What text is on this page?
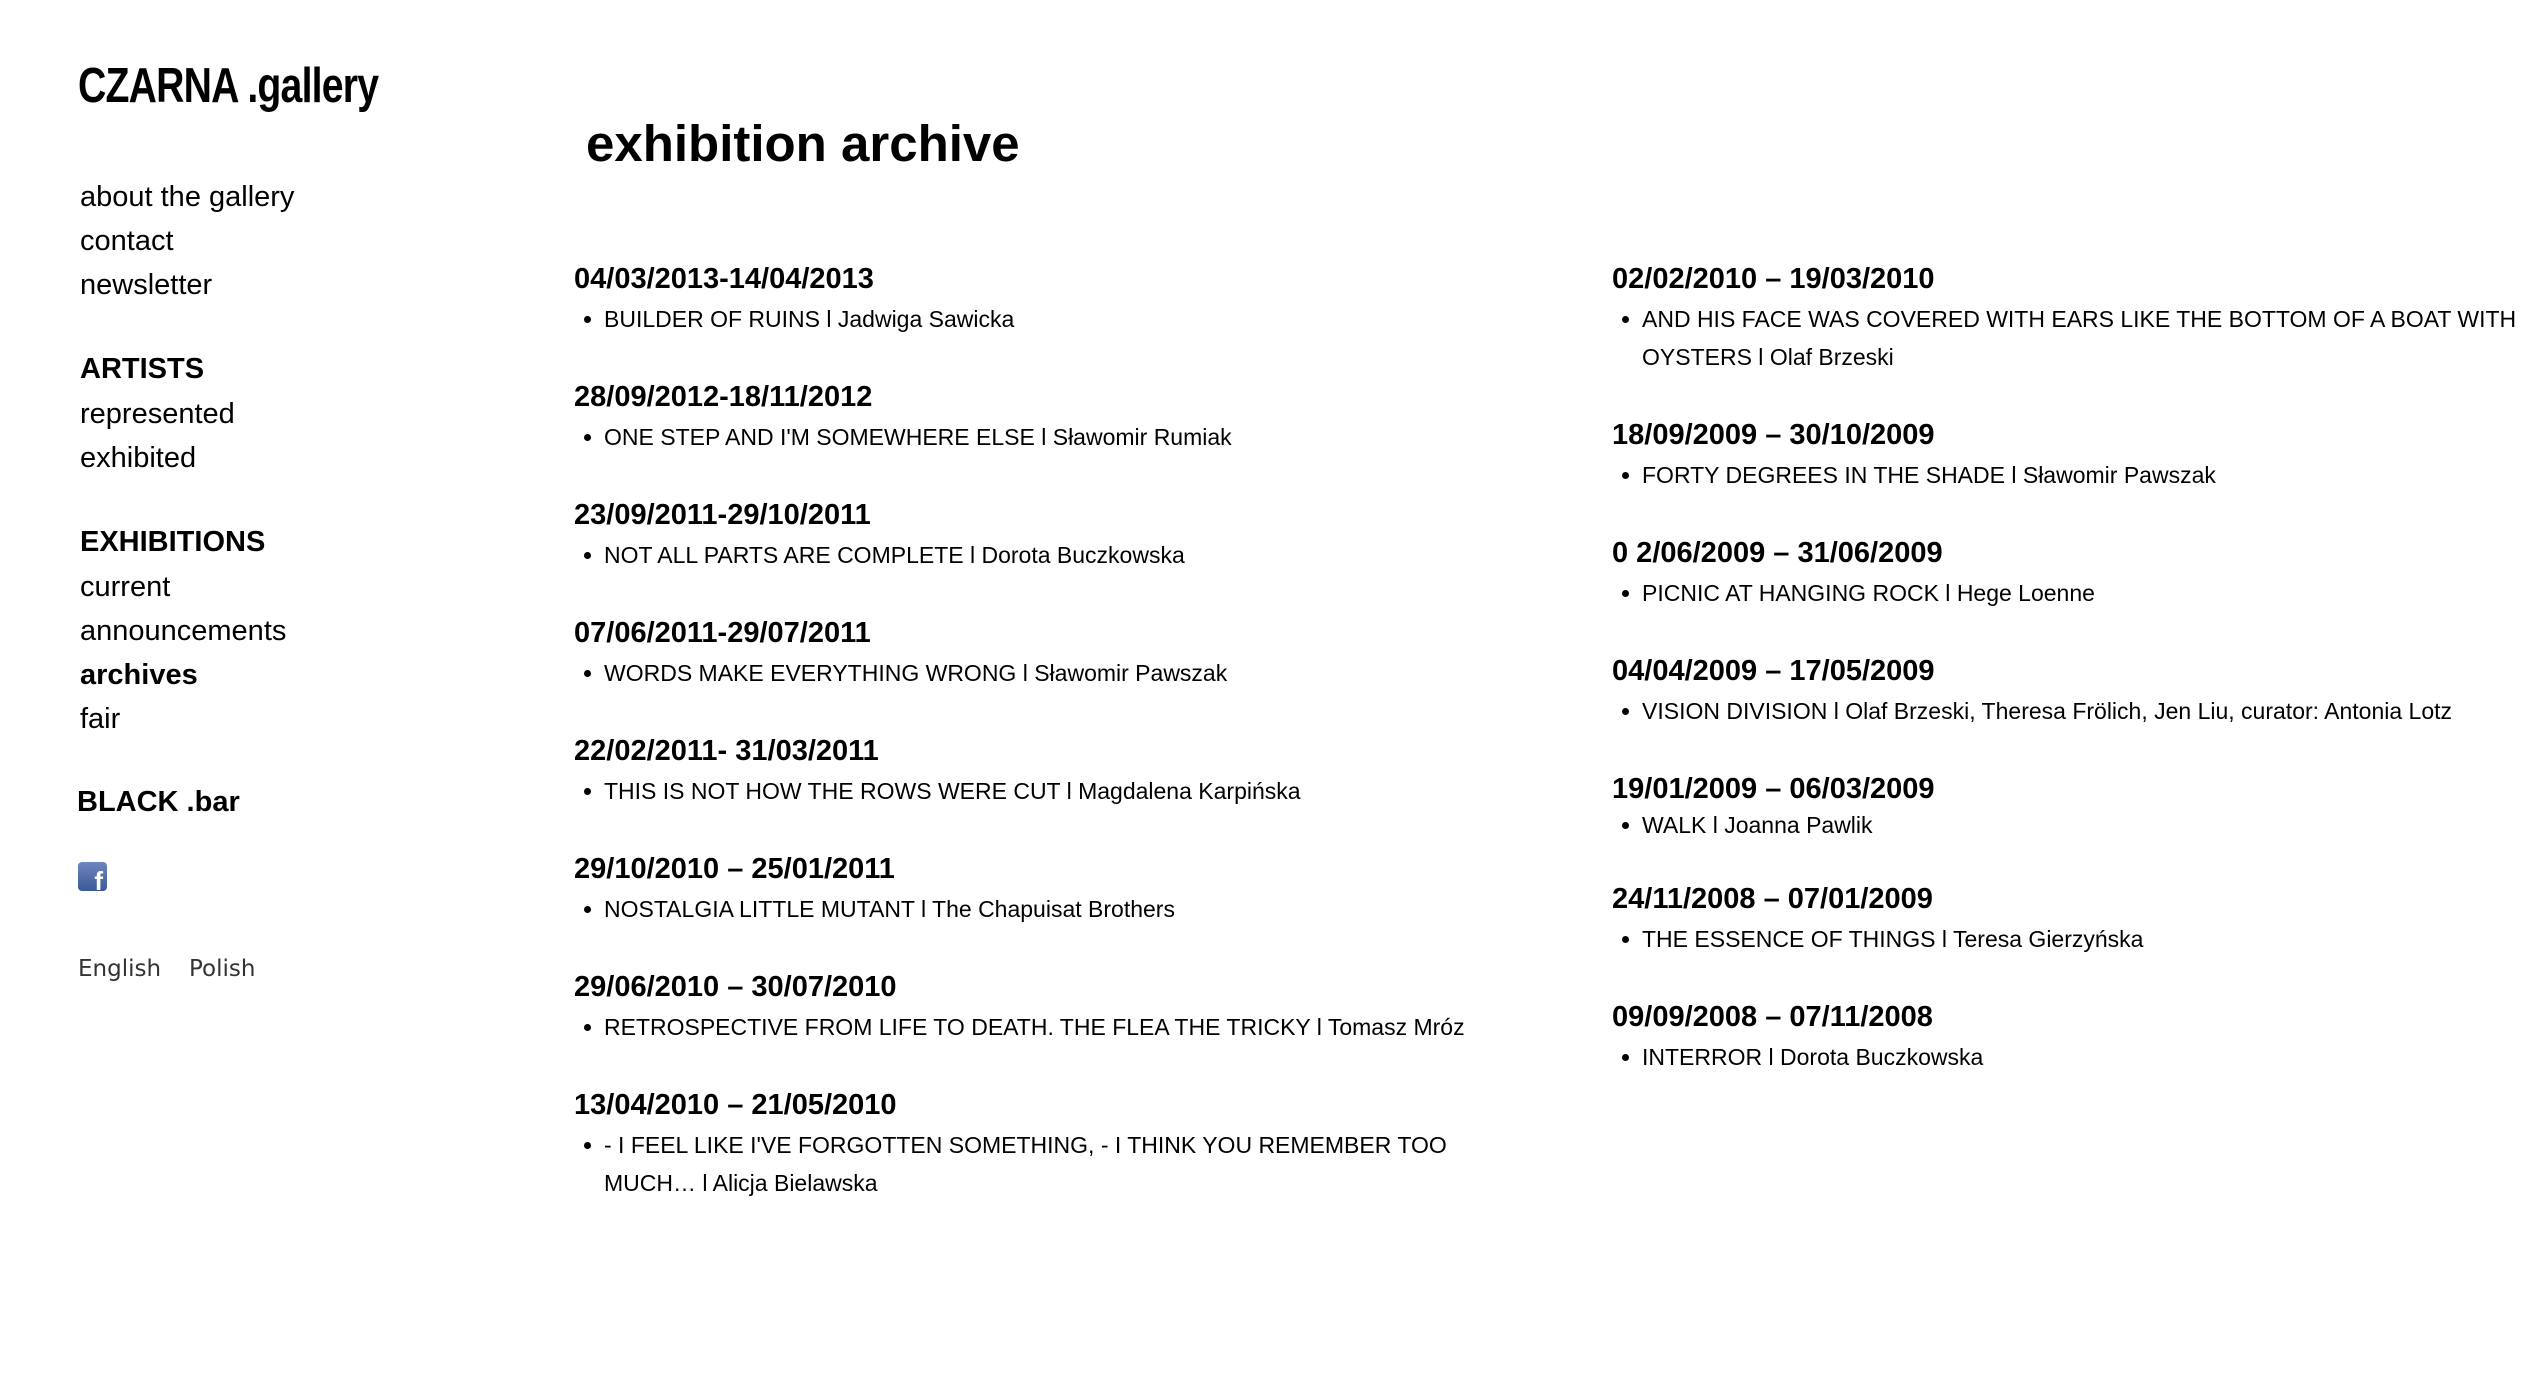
CZARNA .gallery
about the gallery
contact
newsletter
ARTISTS
represented
exhibited
EXHIBITIONS
current
announcements
archives
fair
BLACK .bar
f
English Polish
exhibition archive
04/03/2013-14/04/2013
BUILDER OF RUINS l Jadwiga Sawicka
28/09/2012-18/11/2012
ONE STEP AND I'M SOMEWHERE ELSE l Sławomir Rumiak
23/09/2011-29/10/2011
NOT ALL PARTS ARE COMPLETE l Dorota Buczkowska
07/06/2011-29/07/2011
WORDS MAKE EVERYTHING WRONG l Sławomir Pawszak
22/02/2011- 31/03/2011
THIS IS NOT HOW THE ROWS WERE CUT l Magdalena Karpińska
29/10/2010 – 25/01/2011
NOSTALGIA LITTLE MUTANT l The Chapuisat Brothers
29/06/2010 – 30/07/2010
RETROSPECTIVE FROM LIFE TO DEATH. THE FLEA THE TRICKY l Tomasz Mróz
13/04/2010 – 21/05/2010
- I FEEL LIKE I'VE FORGOTTEN SOMETHING, - I THINK YOU REMEMBER TOO MUCH… l Alicja Bielawska
02/02/2010 – 19/03/2010
AND HIS FACE WAS COVERED WITH EARS LIKE THE BOTTOM OF A BOAT WITH OYSTERS l Olaf Brzeski
18/09/2009 – 30/10/2009
FORTY DEGREES IN THE SHADE l Sławomir Pawszak
0 2/06/2009 – 31/06/2009
PICNIC AT HANGING ROCK l Hege Loenne
04/04/2009 – 17/05/2009
VISION DIVISION l Olaf Brzeski, Theresa Frölich, Jen Liu, curator: Antonia Lotz
19/01/2009 – 06/03/2009
WALK l Joanna Pawlik
24/11/2008 – 07/01/2009
THE ESSENCE OF THINGS l Teresa Gierzyńska
09/09/2008 – 07/11/2008
INTERROR l Dorota Buczkowska
